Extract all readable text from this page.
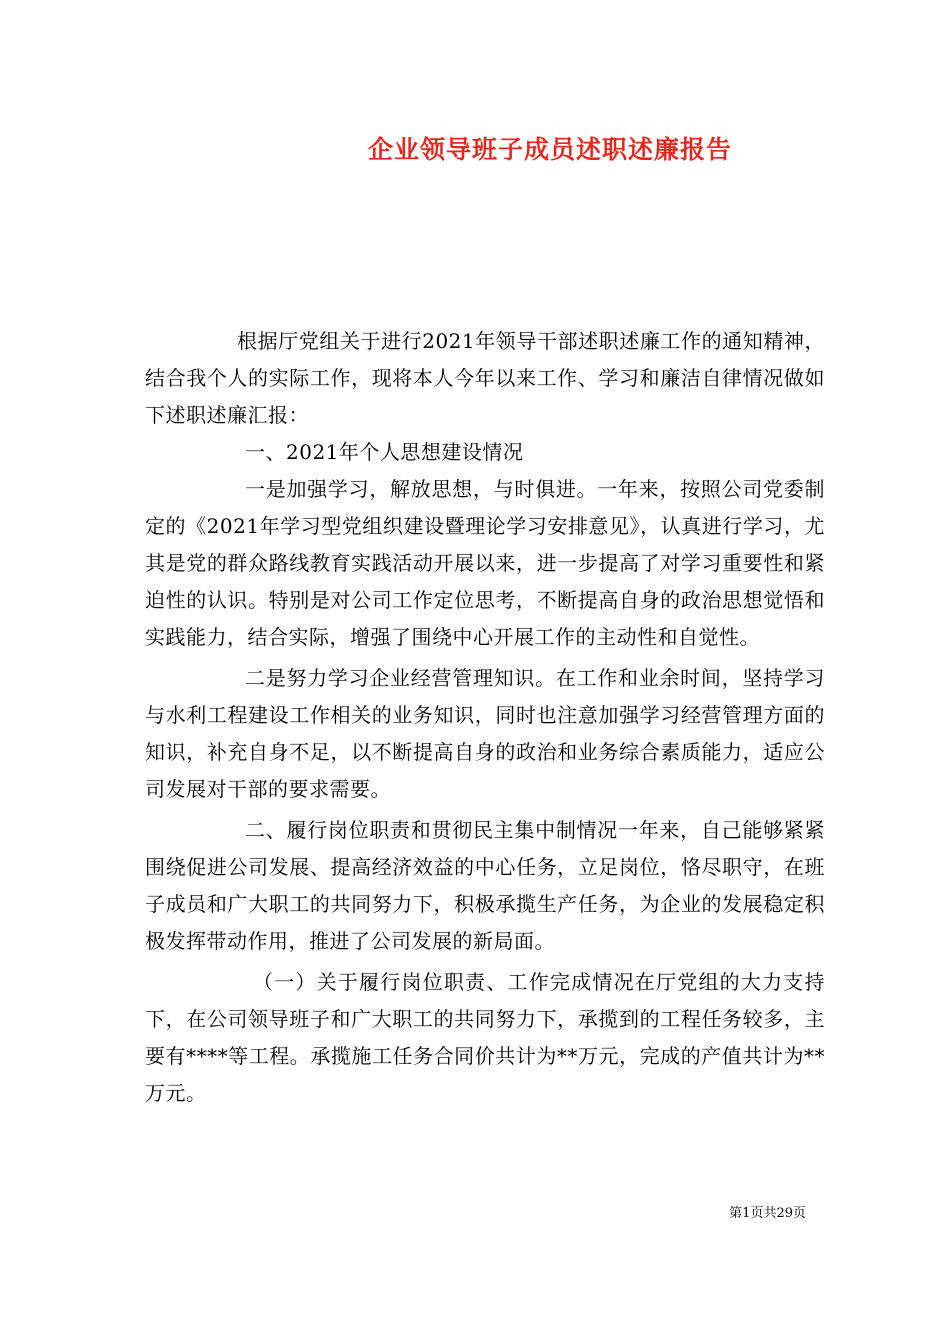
企业领导班子成员述职述廉报告

根据厅党组关于进行2021年领导干部述职述廉工作的通知精神，结合我个人的实际工作，现将本人今年以来工作、学习和廉洁自律情况做如下述职述廉汇报：

一、2021年个人思想建设情况

一是加强学习，解放思想，与时俱进。一年来，按照公司党委制定的《2021年学习型党组织建设暨理论学习安排意见》，认真进行学习，尤其是党的群众路线教育实践活动开展以来，进一步提高了对学习重要性和紧迫性的认识。特别是对公司工作定位思考，不断提高自身的政治思想觉悟和实践能力，结合实际，增强了围绕中心开展工作的主动性和自觉性。

二是努力学习企业经营管理知识。在工作和业余时间，坚持学习与水利工程建设工作相关的业务知识，同时也注意加强学习经营管理方面的知识，补充自身不足，以不断提高自身的政治和业务综合素质能力，适应公司发展对干部的要求需要。

二、履行岗位职责和贯彻民主集中制情况一年来，自己能够紧紧围绕促进公司发展、提高经济效益的中心任务，立足岗位，恪尽职守，在班子成员和广大职工的共同努力下，积极承揽生产任务，为企业的发展稳定积极发挥带动作用，推进了公司发展的新局面。

（一）关于履行岗位职责、工作完成情况在厅党组的大力支持下，在公司领导班子和广大职工的共同努力下，承揽到的工程任务较多，主要有****等工程。承揽施工任务合同价共计为**万元，完成的产值共计为**万元。

第1页共29页
